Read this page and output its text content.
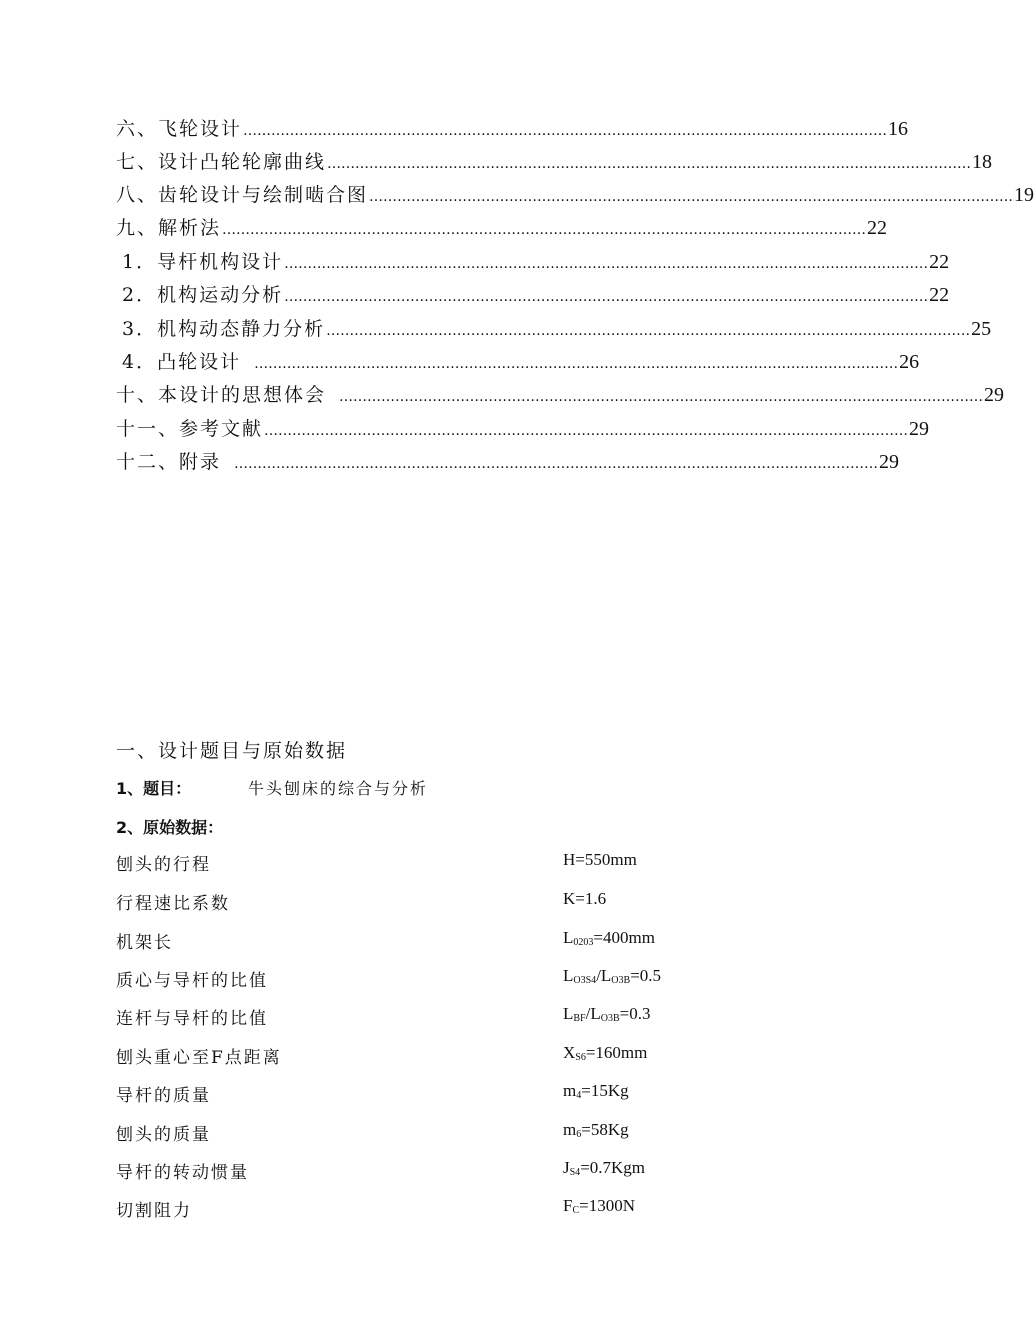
六、飞轮设计 ………………………………………………………………………………………………………………………… 16
七、设计凸轮轮廓曲线 ………………………………………………………………………………………………………………………… 18
八、齿轮设计与绘制啮合图 ………………………………………………………………………………………………………………………… 19
九、解析法 ………………………………………………………………………………………………………………………… 22
1．导杆机构设计 ………………………………………………………………………………………………………………………… 22
2．机构运动分析 ………………………………………………………………………………………………………………………… 22
3．机构动态静力分析 ………………………………………………………………………………………………………………………… 25
4．凸轮设计 ………………………………………………………………………………………………………………………… 26
十、本设计的思想体会 ………………………………………………………………………………………………………………………… 29
十一、参考文献 ………………………………………………………………………………………………………………………… 29
十二、附录 ………………………………………………………………………………………………………………………… 29
一、设计题目与原始数据
1、题目：	牛头刨床的综合与分析
2、原始数据：
刨头的行程	H=550mm
行程速比系数	K=1.6
机架长	$L_{0203}=400mm$
质心与导杆的比值	$L_{O3S4}/L_{O3B}=0.5$
连杆与导杆的比值	$L_{BF}/L_{O3B}=0.3$
刨头重心至F点距离	$X_{S6}=160mm$
导杆的质量	$m_4=15Kg$
刨头的质量	$m_6=58Kg$
导杆的转动惯量	$J_{S4}=0.7Kgm$
切割阻力	$F_C=1300N$
